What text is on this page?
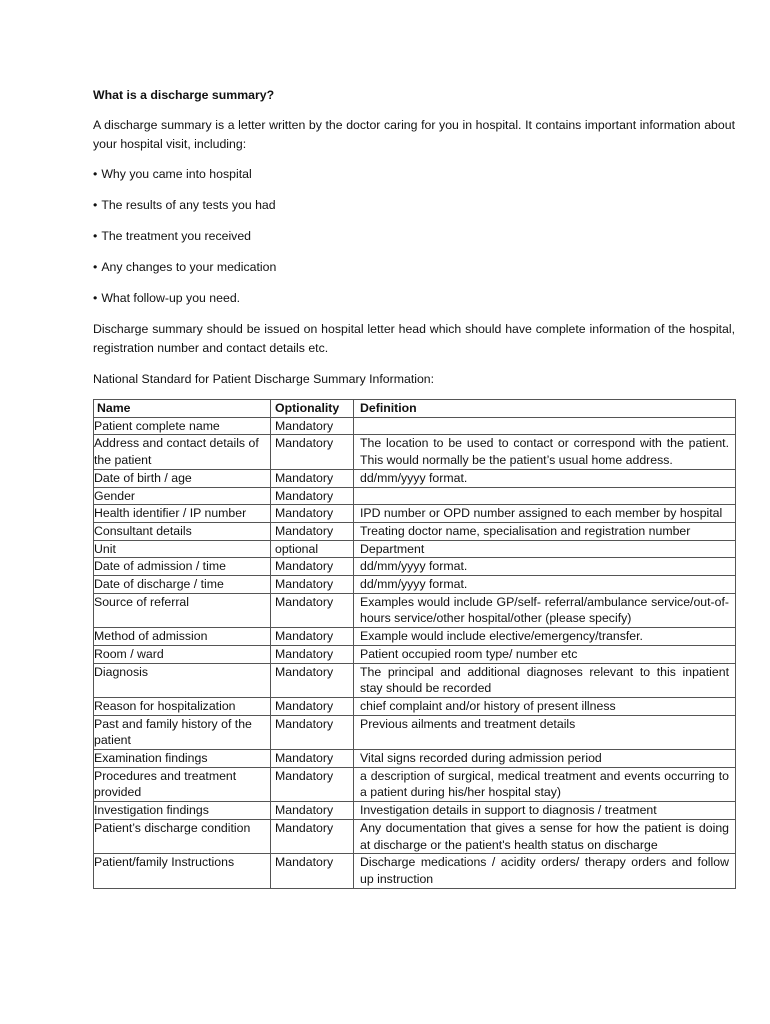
What is a discharge summary?

A discharge summary is a letter written by the doctor caring for you in hospital. It contains important information about your hospital visit, including:

• Why you came into hospital
• The results of any tests you had
• The treatment you received
• Any changes to your medication
• What follow-up you need.

Discharge summary should be issued on hospital letter head which should have complete information of the hospital, registration number and contact details etc.

National Standard for Patient Discharge Summary Information:

Name	Optionality	Definition
Patient complete name	Mandatory	
Address and contact details of the patient	Mandatory	The location to be used to contact or correspond with the patient. This would normally be the patient’s usual home address.
Date of birth / age	Mandatory	dd/mm/yyyy format.
Gender	Mandatory	
Health identifier / IP number	Mandatory	IPD number or OPD number assigned to each member by hospital
Consultant details	Mandatory	Treating doctor name, specialisation and registration number
Unit	optional	Department
Date of admission / time	Mandatory	dd/mm/yyyy format.
Date of discharge / time	Mandatory	dd/mm/yyyy format.
Source of referral	Mandatory	Examples would include GP/self- referral/ambulance service/out-of-hours service/other hospital/other (please specify)
Method of admission	Mandatory	Example would include elective/emergency/transfer.
Room / ward	Mandatory	Patient occupied room type/ number etc
Diagnosis	Mandatory	The principal and additional diagnoses relevant to this inpatient stay should be recorded
Reason for hospitalization	Mandatory	chief complaint and/or history of present illness
Past and family history of the patient	Mandatory	Previous ailments and treatment details
Examination findings	Mandatory	Vital signs recorded during admission period
Procedures and treatment provided	Mandatory	a description of surgical, medical treatment and events occurring to a patient during his/her hospital stay)
Investigation findings	Mandatory	Investigation details in support to diagnosis / treatment
Patient’s discharge condition	Mandatory	Any documentation that gives a sense for how the patient is doing at discharge or the patient's health status on discharge
Patient/family Instructions	Mandatory	Discharge medications / acidity orders/ therapy orders and follow up instruction
